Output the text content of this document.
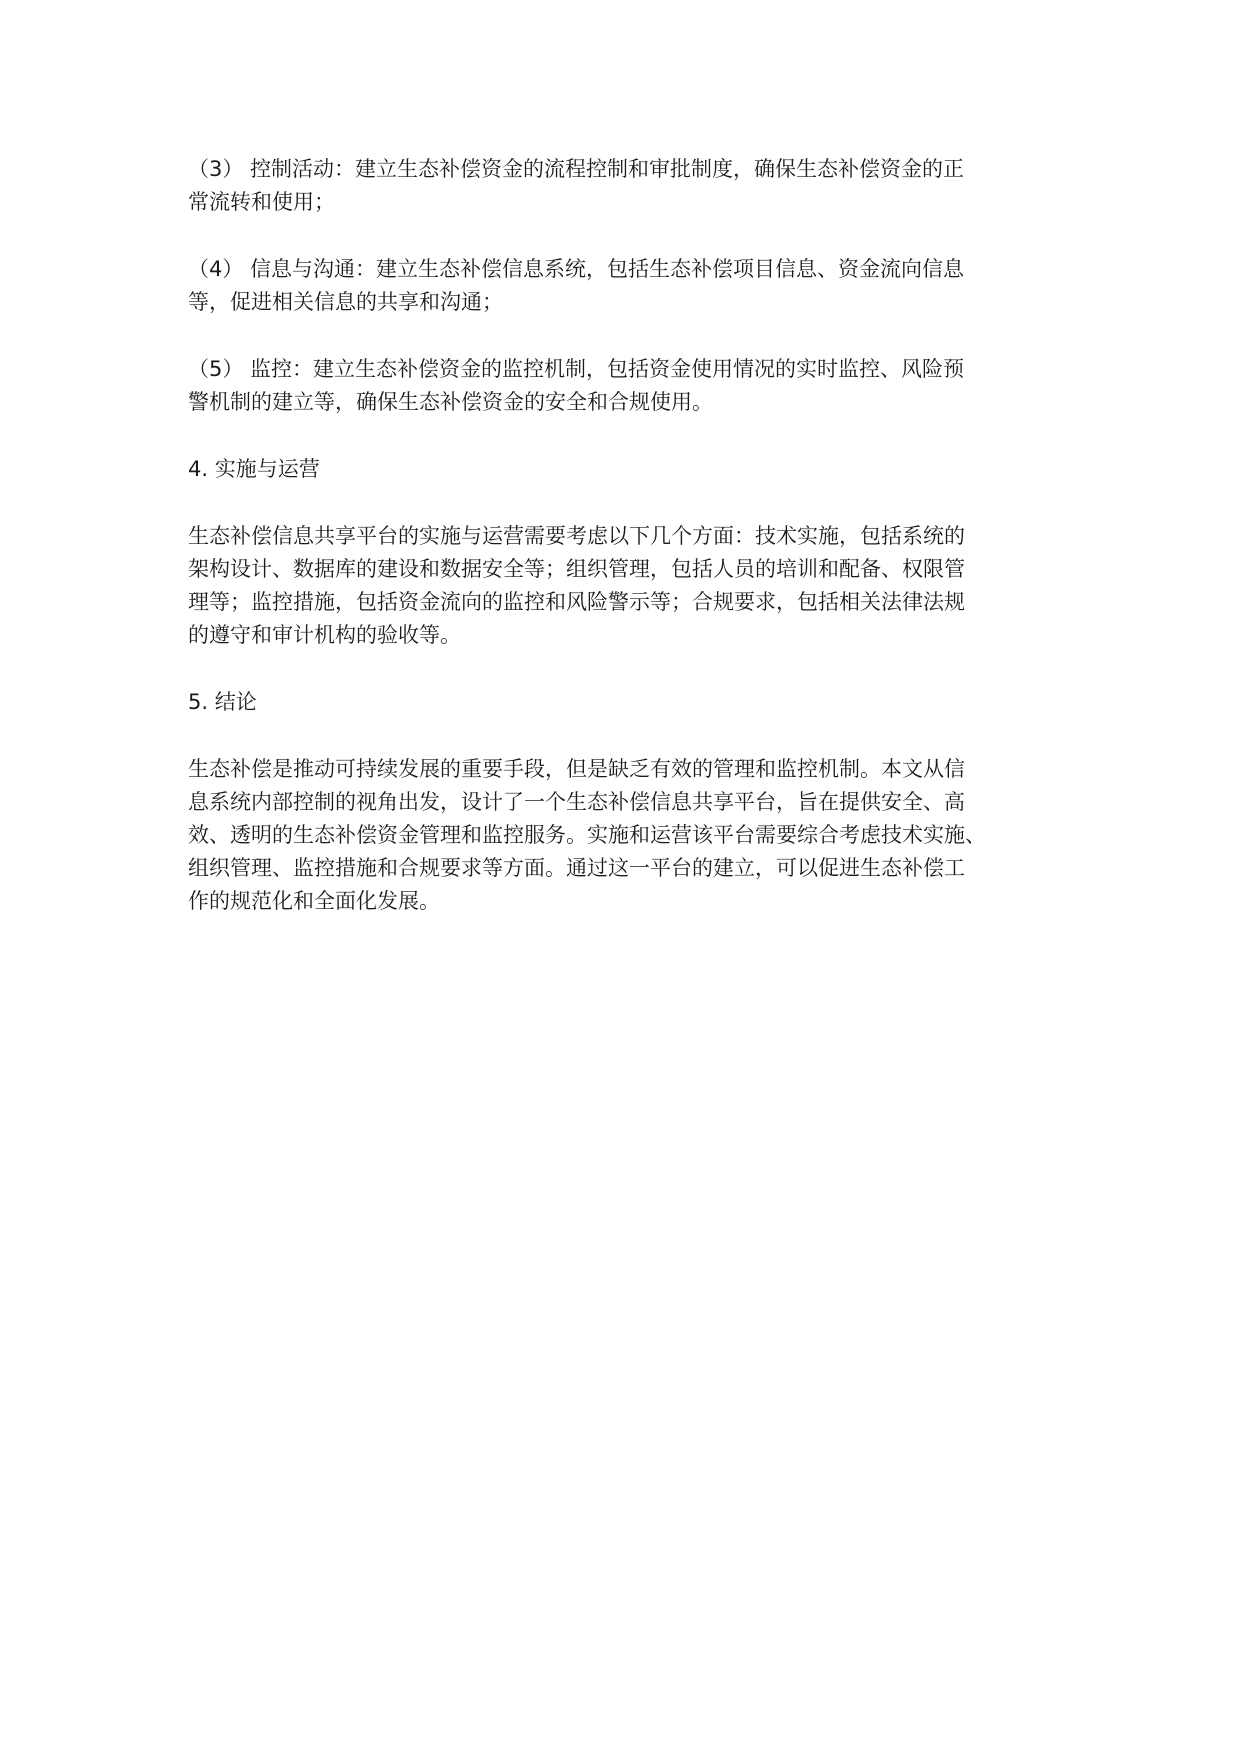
（3） 控制活动：建立生态补偿资金的流程控制和审批制度，确保生态补偿资金的正
常流转和使用；

（4） 信息与沟通：建立生态补偿信息系统，包括生态补偿项目信息、资金流向信息
等，促进相关信息的共享和沟通；

（5） 监控：建立生态补偿资金的监控机制，包括资金使用情况的实时监控、风险预
警机制的建立等，确保生态补偿资金的安全和合规使用。

4. 实施与运营

生态补偿信息共享平台的实施与运营需要考虑以下几个方面：技术实施，包括系统的
架构设计、数据库的建设和数据安全等；组织管理，包括人员的培训和配备、权限管
理等；监控措施，包括资金流向的监控和风险警示等；合规要求，包括相关法律法规
的遵守和审计机构的验收等。

5. 结论

生态补偿是推动可持续发展的重要手段，但是缺乏有效的管理和监控机制。本文从信
息系统内部控制的视角出发，设计了一个生态补偿信息共享平台，旨在提供安全、高
效、透明的生态补偿资金管理和监控服务。实施和运营该平台需要综合考虑技术实施、
组织管理、监控措施和合规要求等方面。通过这一平台的建立，可以促进生态补偿工
作的规范化和全面化发展。
